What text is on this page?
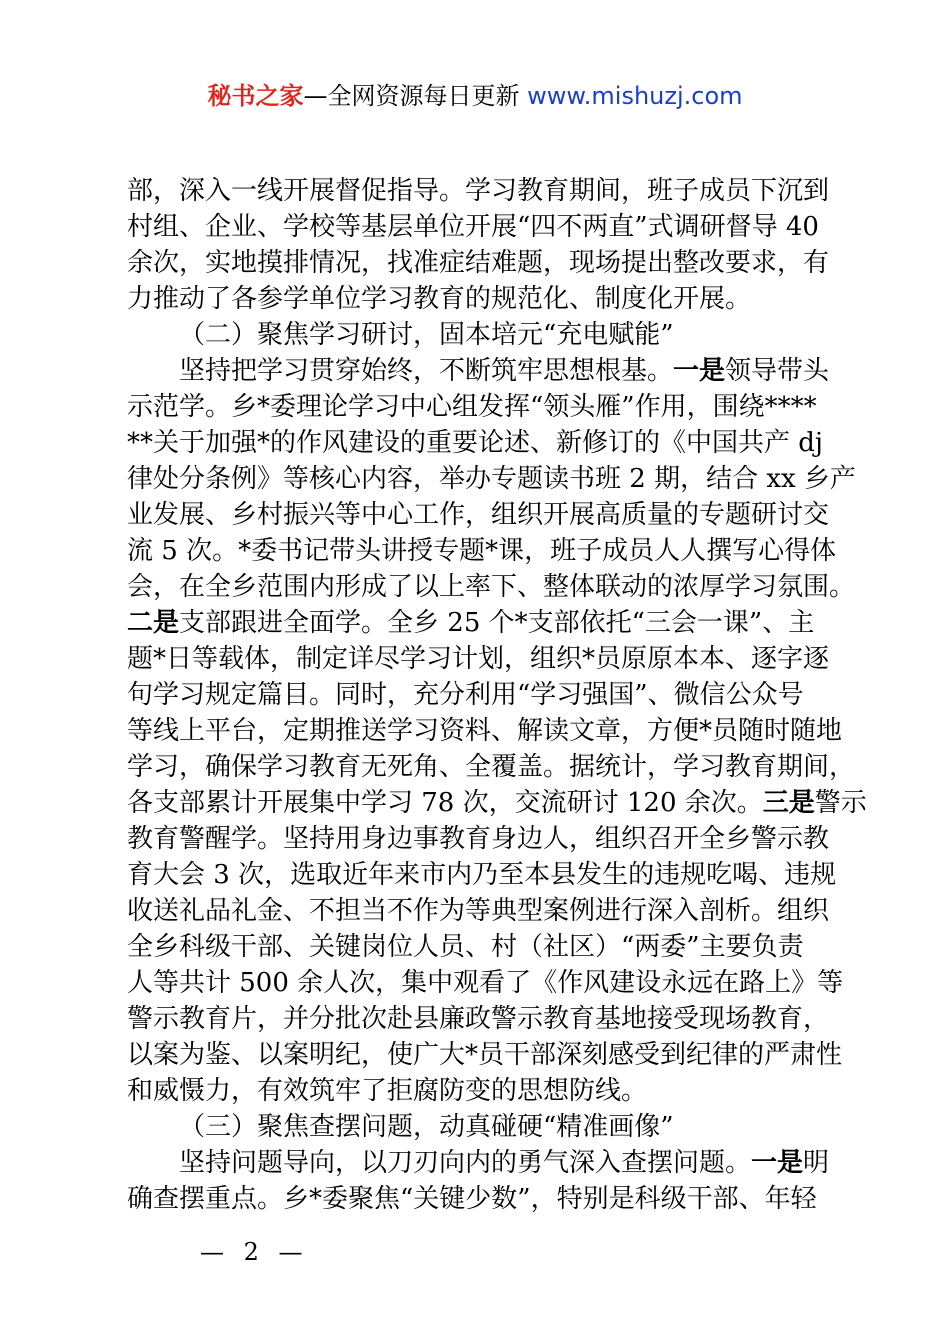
秘书之家—全网资源每日更新 www.mishuzj.com
部，深入一线开展督促指导。学习教育期间，班子成员下沉到
村组、企业、学校等基层单位开展“四不两直”式调研督导 40
余次，实地摸排情况，找准症结难题，现场提出整改要求，有
力推动了各参学单位学习教育的规范化、制度化开展。
（二）聚焦学习研讨，固本培元“充电赋能”
坚持把学习贯穿始终，不断筑牢思想根基。一是领导带头
示范学。乡*委理论学习中心组发挥“领头雁”作用，围绕****
**关于加强*的作风建设的重要论述、新修订的《中国共产 dj
律处分条例》等核心内容，举办专题读书班 2 期，结合 xx 乡产
业发展、乡村振兴等中心工作，组织开展高质量的专题研讨交
流 5 次。*委书记带头讲授专题*课，班子成员人人撰写心得体
会，在全乡范围内形成了以上率下、整体联动的浓厚学习氛围。
二是支部跟进全面学。全乡 25 个*支部依托“三会一课”、主
题*日等载体，制定详尽学习计划，组织*员原原本本、逐字逐
句学习规定篇目。同时，充分利用“学习强国”、微信公众号
等线上平台，定期推送学习资料、解读文章，方便*员随时随地
学习，确保学习教育无死角、全覆盖。据统计，学习教育期间，
各支部累计开展集中学习 78 次，交流研讨 120 余次。三是警示
教育警醒学。坚持用身边事教育身边人，组织召开全乡警示教
育大会 3 次，选取近年来市内乃至本县发生的违规吃喝、违规
收送礼品礼金、不担当不作为等典型案例进行深入剖析。组织
全乡科级干部、关键岗位人员、村（社区）“两委”主要负责
人等共计 500 余人次，集中观看了《作风建设永远在路上》等
警示教育片，并分批次赴县廉政警示教育基地接受现场教育，
以案为鉴、以案明纪，使广大*员干部深刻感受到纪律的严肃性
和威慑力，有效筑牢了拒腐防变的思想防线。
（三）聚焦查摆问题，动真碰硬“精准画像”
坚持问题导向，以刀刃向内的勇气深入查摆问题。一是明
确查摆重点。乡*委聚焦“关键少数”，特别是科级干部、年轻
— 2 —
